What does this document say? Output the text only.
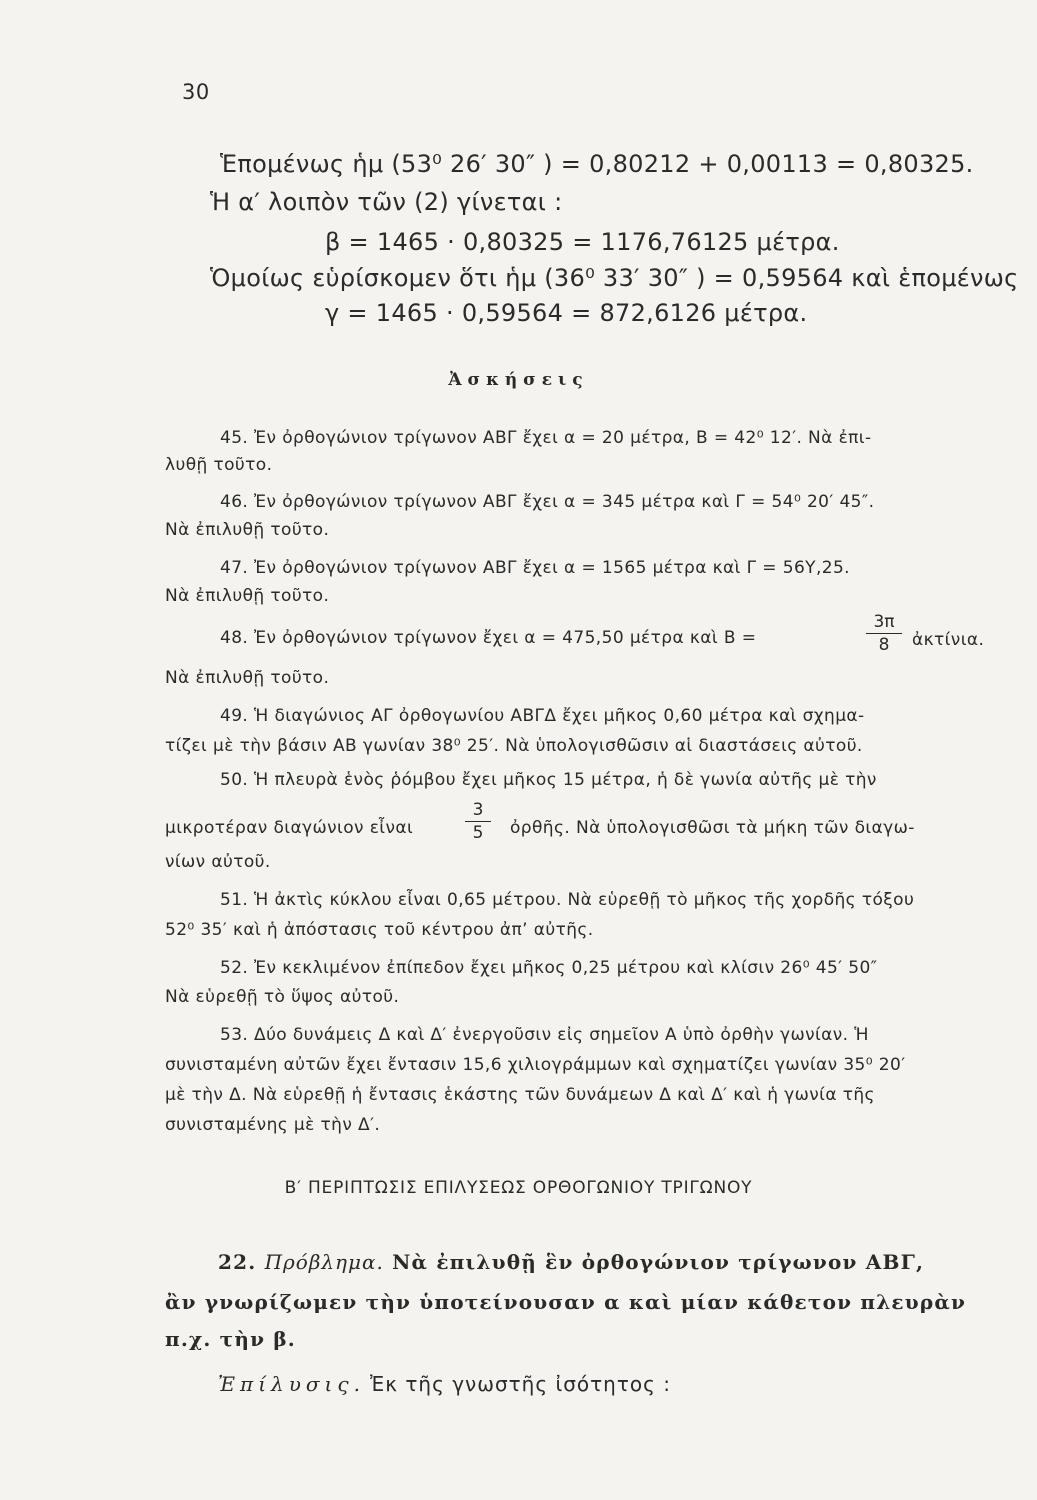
30
Ἑπομένως ἡμ (53⁰ 26′ 30″ ) = 0,80212 + 0,00113 = 0,80325.
Ἡ α′ λοιπὸν τῶν (2) γίνεται :
β = 1465 · 0,80325 = 1176,76125 μέτρα.
Ὁμοίως εὑρίσκομεν ὅτι ἡμ (36⁰ 33′ 30″ ) = 0,59564 καὶ ἑπομένως
γ = 1465 · 0,59564 = 872,6126 μέτρα.
Ἀσκήσεις
45. Ἐν ὀρθογώνιον τρίγωνον ΑΒΓ ἔχει α = 20 μέτρα, Β = 42⁰ 12′. Νὰ ἐπι-
λυθῇ τοῦτο.
46. Ἐν ὀρθογώνιον τρίγωνον ΑΒΓ ἔχει α = 345 μέτρα καὶ Γ = 54⁰ 20′ 45″.
Νὰ ἐπιλυθῇ τοῦτο.
47. Ἐν ὀρθογώνιον τρίγωνον ΑΒΓ ἔχει α = 1565 μέτρα καὶ Γ = 56Υ,25.
Νὰ ἐπιλυθῇ τοῦτο.
48. Ἐν ὀρθογώνιον τρίγωνον ἔχει α = 475,50 μέτρα καὶ Β =
3π
8	ἀκτίνια.
Νὰ ἐπιλυθῇ τοῦτο.
49. Ἡ διαγώνιος ΑΓ ὀρθογωνίου ΑΒΓΔ ἔχει μῆκος 0,60 μέτρα καὶ σχημα-
τίζει μὲ τὴν βάσιν ΑΒ γωνίαν 38⁰ 25′. Νὰ ὑπολογισθῶσιν αἱ διαστάσεις αὐτοῦ.
50. Ἡ πλευρὰ ἑνὸς ῥόμβου ἔχει μῆκος 15 μέτρα, ἡ δὲ γωνία αὐτῆς μὲ τὴν
μικροτέραν διαγώνιον εἶναι
3
5	ὀρθῆς. Νὰ ὑπολογισθῶσι τὰ μήκη τῶν διαγω-
νίων αὐτοῦ.
51. Ἡ ἀκτὶς κύκλου εἶναι 0,65 μέτρου. Νὰ εὑρεθῇ τὸ μῆκος τῆς χορδῆς τόξου
52⁰ 35′ καὶ ἡ ἀπόστασις τοῦ κέντρου ἀπ’ αὐτῆς.
52. Ἐν κεκλιμένον ἐπίπεδον ἔχει μῆκος 0,25 μέτρου καὶ κλίσιν 26⁰ 45′ 50″
Νὰ εὑρεθῇ τὸ ὕψος αὐτοῦ.
53. Δύο δυνάμεις Δ καὶ Δ′ ἐνεργοῦσιν εἰς σημεῖον Α ὑπὸ ὀρθὴν γωνίαν. Ἡ
συνισταμένη αὐτῶν ἔχει ἔντασιν 15,6 χιλιογράμμων καὶ σχηματίζει γωνίαν 35⁰ 20′
μὲ τὴν Δ. Νὰ εὑρεθῇ ἡ ἔντασις ἑκάστης τῶν δυνάμεων Δ καὶ Δ′ καὶ ἡ γωνία τῆς
συνισταμένης μὲ τὴν Δ′.
Β′ ΠΕΡΙΠΤΩΣΙΣ ΕΠΙΛΥΣΕΩΣ ΟΡΘΟΓΩΝΙΟΥ ΤΡΙΓΩΝΟΥ
22. Πρόβλημα. Νὰ ἐπιλυθῇ ἓν ὀρθογώνιον τρίγωνον ΑΒΓ,
ἂν γνωρίζωμεν τὴν ὑποτείνουσαν α καὶ μίαν κάθετον πλευρὰν
π.χ. τὴν β.
Ἐπίλυσις. Ἐκ τῆς γνωστῆς ἰσότητος :
